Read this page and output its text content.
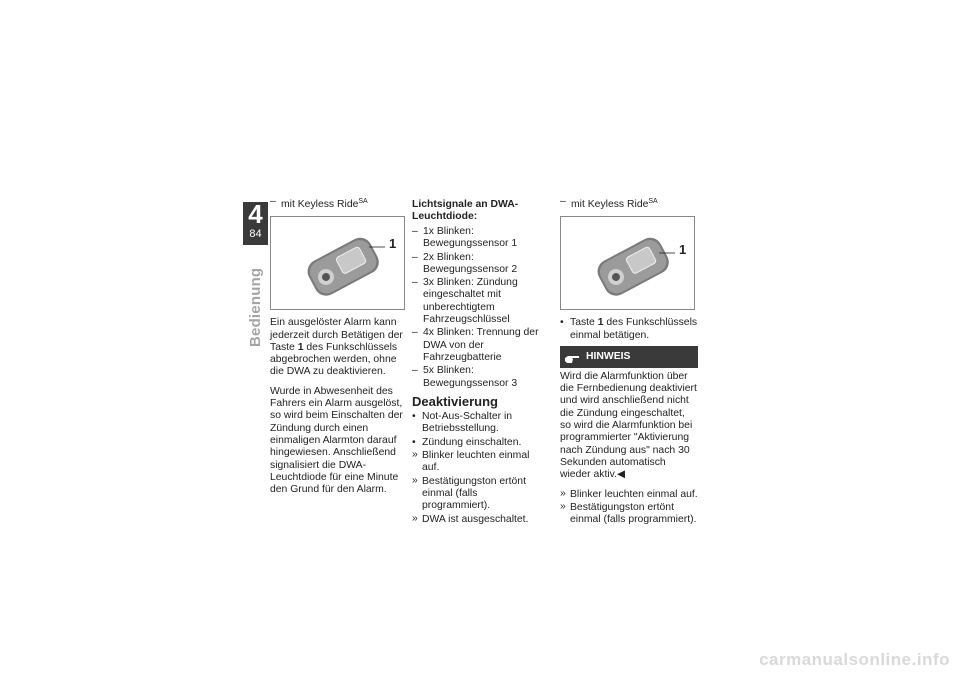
4
84
Bedienung
– mit Keyless Ride$^{SA}$
1

Ein ausgelöster Alarm kann jederzeit durch Betätigen der Taste 1 des Funkschlüssels abgebrochen werden, ohne die DWA zu deaktivieren.

Wurde in Abwesenheit des Fahrers ein Alarm ausgelöst, so wird beim Einschalten der Zündung durch einen einmaligen Alarmton darauf hingewiesen. Anschließend signalisiert die DWA-Leuchtdiode für eine Minute den Grund für den Alarm.

Lichtsignale an DWA-Leuchtdiode:
– 1x Blinken: Bewegungssensor 1
– 2x Blinken: Bewegungssensor 2
– 3x Blinken: Zündung eingeschaltet mit unberechtigtem Fahrzeugschlüssel
– 4x Blinken: Trennung der DWA von der Fahrzeugbatterie
– 5x Blinken: Bewegungssensor 3
Deaktivierung
• Not-Aus-Schalter in Betriebsstellung.
• Zündung einschalten.
» Blinker leuchten einmal auf.
» Bestätigungston ertönt einmal (falls programmiert).
» DWA ist ausgeschaltet.
– mit Keyless Ride$^{SA}$
1
• Taste 1 des Funkschlüssels einmal betätigen.
HINWEIS

Wird die Alarmfunktion über die Fernbedienung deaktiviert und wird anschließend nicht die Zündung eingeschaltet, so wird die Alarmfunktion bei programmierter "Aktivierung nach Zündung aus" nach 30 Sekunden automatisch wieder aktiv.◀

» Blinker leuchten einmal auf.
» Bestätigungston ertönt einmal (falls programmiert).
carmanualsonline.info
